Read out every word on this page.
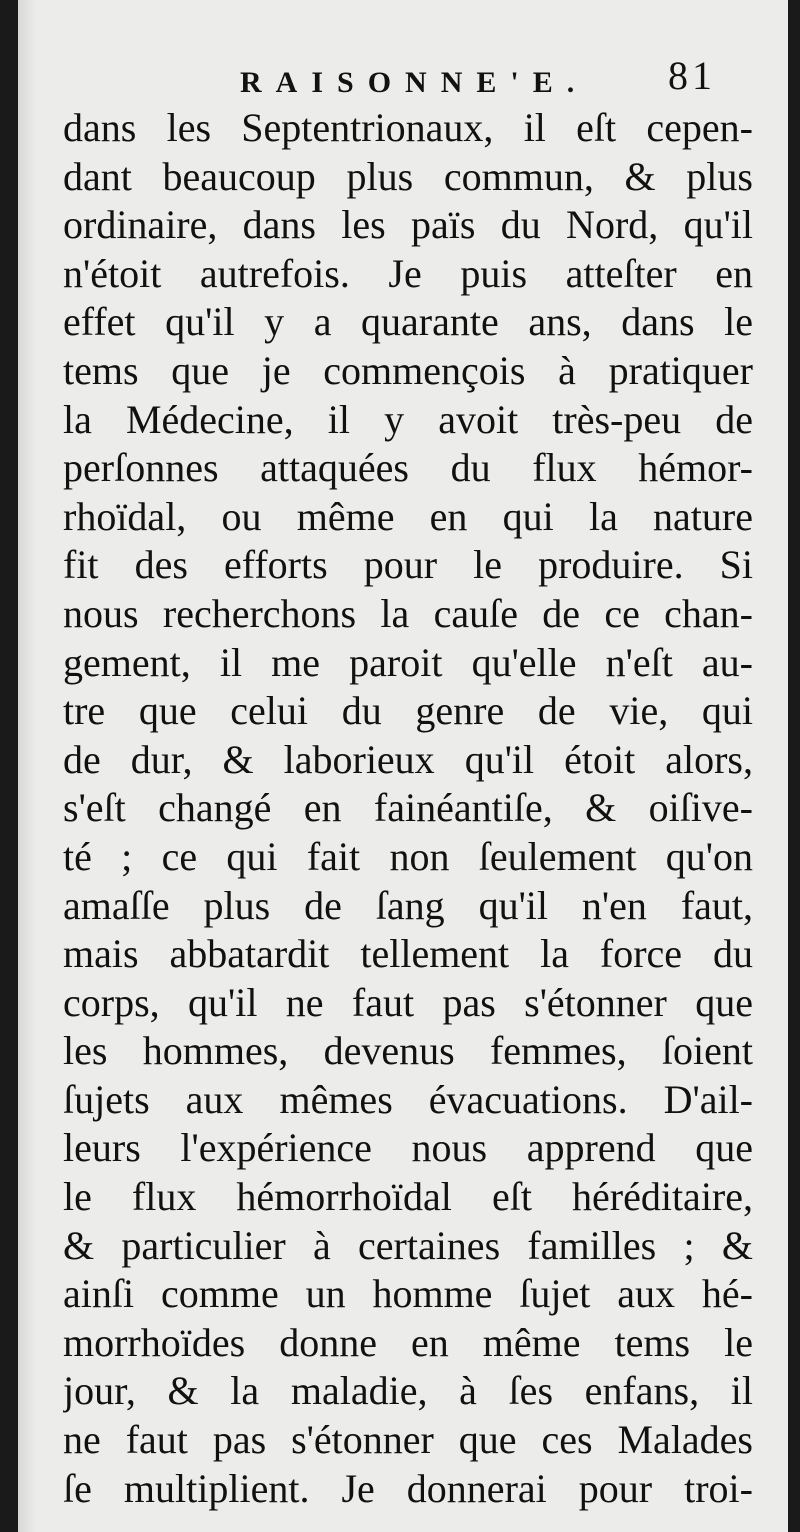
RAISONNE'E. 81
dans les Septentrionaux, il eſt cepen-
dant beaucoup plus commun, & plus
ordinaire, dans les païs du Nord, qu'il
n'étoit autrefois. Je puis atteſter en
effet qu'il y a quarante ans, dans le
tems que je commençois à pratiquer
la Médecine, il y avoit très-peu de
perſonnes attaquées du flux hémor-
rhoïdal, ou même en qui la nature
fit des efforts pour le produire. Si
nous recherchons la cauſe de ce chan-
gement, il me paroit qu'elle n'eſt au-
tre que celui du genre de vie, qui
de dur, & laborieux qu'il étoit alors,
s'eſt changé en fainéantiſe, & oiſive-
té ; ce qui fait non ſeulement qu'on
amaſſe plus de ſang qu'il n'en faut,
mais abbatardit tellement la force du
corps, qu'il ne faut pas s'étonner que
les hommes, devenus femmes, ſoient
ſujets aux mêmes évacuations. D'ail-
leurs l'expérience nous apprend que
le flux hémorrhoïdal eſt héréditaire,
& particulier à certaines familles ; &
ainſi comme un homme ſujet aux hé-
morrhoïdes donne en même tems le
jour, & la maladie, à ſes enfans, il
ne faut pas s'étonner que ces Malades
ſe multiplient. Je donnerai pour troi-
